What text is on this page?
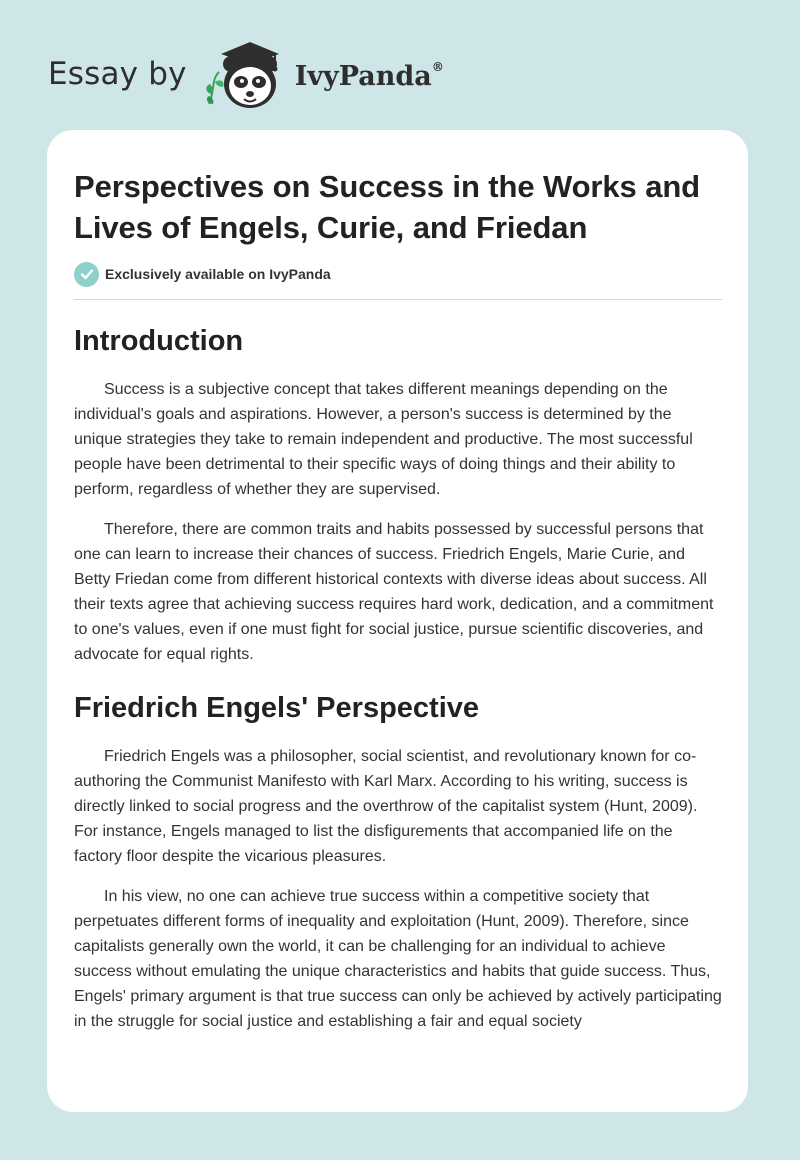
Essay by	IvyPanda®
Perspectives on Success in the Works and Lives of Engels, Curie, and Friedan
Exclusively available on IvyPanda
Introduction

Success is a subjective concept that takes different meanings depending on the individual's goals and aspirations. However, a person's success is determined by the unique strategies they take to remain independent and productive. The most successful people have been detrimental to their specific ways of doing things and their ability to perform, regardless of whether they are supervised.

Therefore, there are common traits and habits possessed by successful persons that one can learn to increase their chances of success. Friedrich Engels, Marie Curie, and Betty Friedan come from different historical contexts with diverse ideas about success. All their texts agree that achieving success requires hard work, dedication, and a commitment to one's values, even if one must fight for social justice, pursue scientific discoveries, and advocate for equal rights.

Friedrich Engels' Perspective

Friedrich Engels was a philosopher, social scientist, and revolutionary known for co-authoring the Communist Manifesto with Karl Marx. According to his writing, success is directly linked to social progress and the overthrow of the capitalist system (Hunt, 2009). For instance, Engels managed to list the disfigurements that accompanied life on the factory floor despite the vicarious pleasures.

In his view, no one can achieve true success within a competitive society that perpetuates different forms of inequality and exploitation (Hunt, 2009). Therefore, since capitalists generally own the world, it can be challenging for an individual to achieve success without emulating the unique characteristics and habits that guide success. Thus, Engels' primary argument is that true success can only be achieved by actively participating in the struggle for social justice and establishing a fair and equal society
